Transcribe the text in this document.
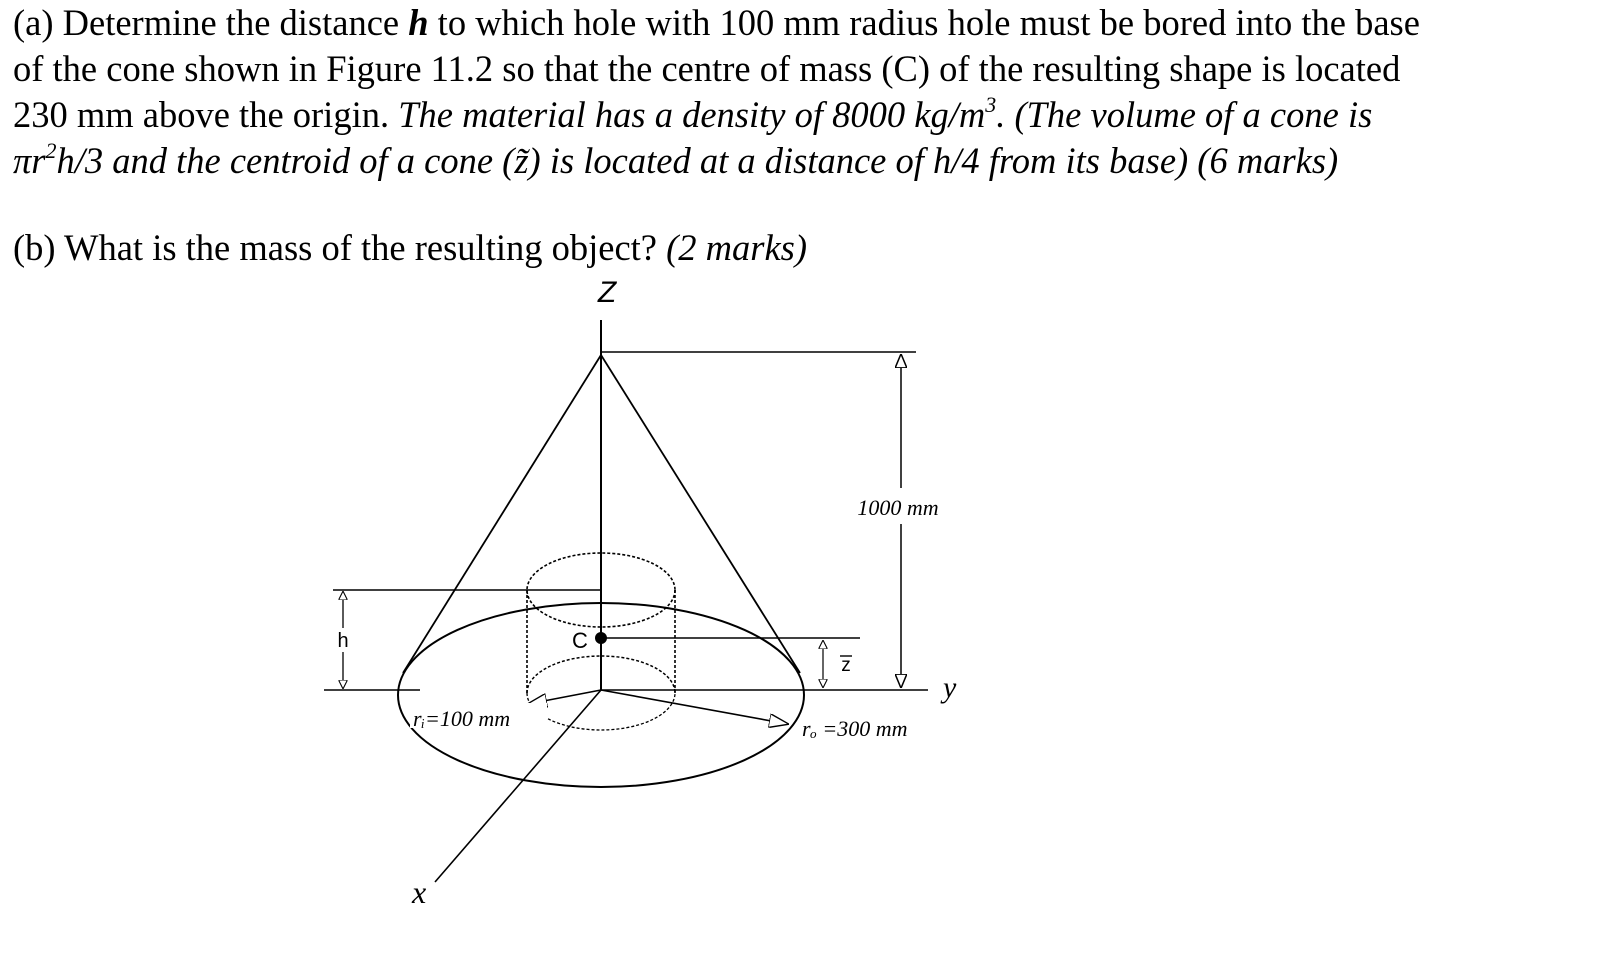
(a) Determine the distance h to which hole with 100 mm radius hole must be bored into the base
of the cone shown in Figure 11.2 so that the centre of mass (C) of the resulting shape is located
230 mm above the origin. The material has a density of 8000 $kg/m^3$. (The volume of a cone is
$\pi r^2h/3$ and the centroid of a cone (z̃) is located at a distance of h/4 from its base) (6 marks)
(b) What is the mass of the resulting object? (2 marks)
h	C
z
1000 mm
rᵢ=100 mm	rₒ =300 mm
Z
y
x
